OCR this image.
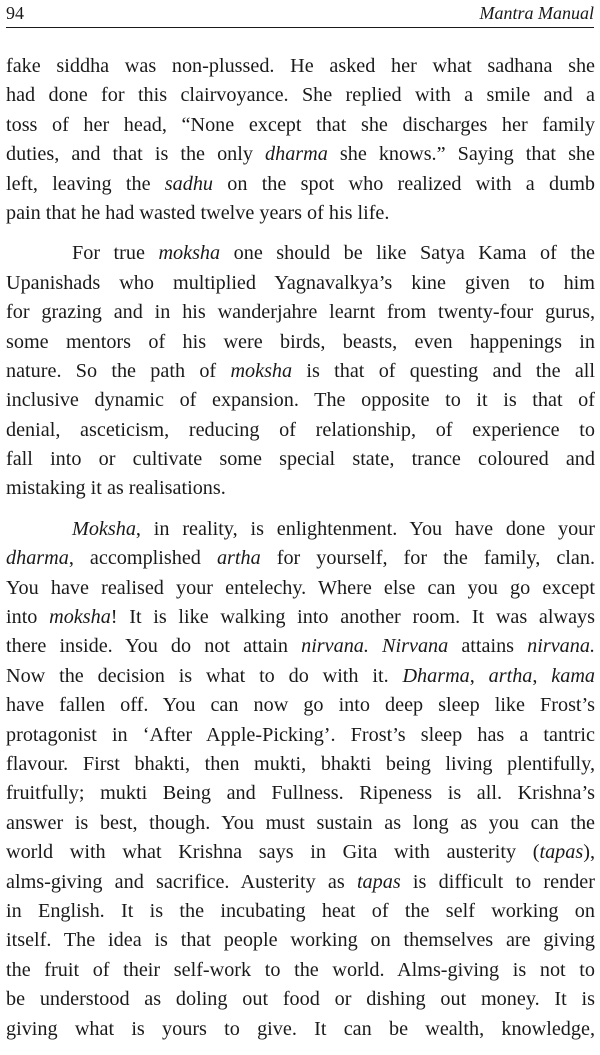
94	Mantra Manual
fake siddha was non-plussed. He asked her what sadhana she
had done for this clairvoyance. She replied with a smile and a
toss of her head, “None except that she discharges her family
duties, and that is the only dharma she knows.” Saying that she
left, leaving the sadhu on the spot who realized with a dumb
pain that he had wasted twelve years of his life.
For true moksha one should be like Satya Kama of the
Upanishads who multiplied Yagnavalkya’s kine given to him
for grazing and in his wanderjahre learnt from twenty-four gurus,
some mentors of his were birds, beasts, even happenings in
nature. So the path of moksha is that of questing and the all
inclusive dynamic of expansion. The opposite to it is that of
denial, asceticism, reducing of relationship, of experience to
fall into or cultivate some special state, trance coloured and
mistaking it as realisations.
Moksha, in reality, is enlightenment. You have done your
dharma, accomplished artha for yourself, for the family, clan.
You have realised your entelechy. Where else can you go except
into moksha! It is like walking into another room. It was always
there inside. You do not attain nirvana. Nirvana attains nirvana.
Now the decision is what to do with it. Dharma, artha, kama
have fallen off. You can now go into deep sleep like Frost’s
protagonist in ‘After Apple-Picking’. Frost’s sleep has a tantric
flavour. First bhakti, then mukti, bhakti being living plentifully,
fruitfully; mukti Being and Fullness. Ripeness is all. Krishna’s
answer is best, though. You must sustain as long as you can the
world with what Krishna says in Gita with austerity (tapas),
alms-giving and sacrifice. Austerity as tapas is difficult to render
in English. It is the incubating heat of the self working on
itself. The idea is that people working on themselves are giving
the fruit of their self-work to the world. Alms-giving is not to
be understood as doling out food or dishing out money. It is
giving what is yours to give. It can be wealth, knowledge,
